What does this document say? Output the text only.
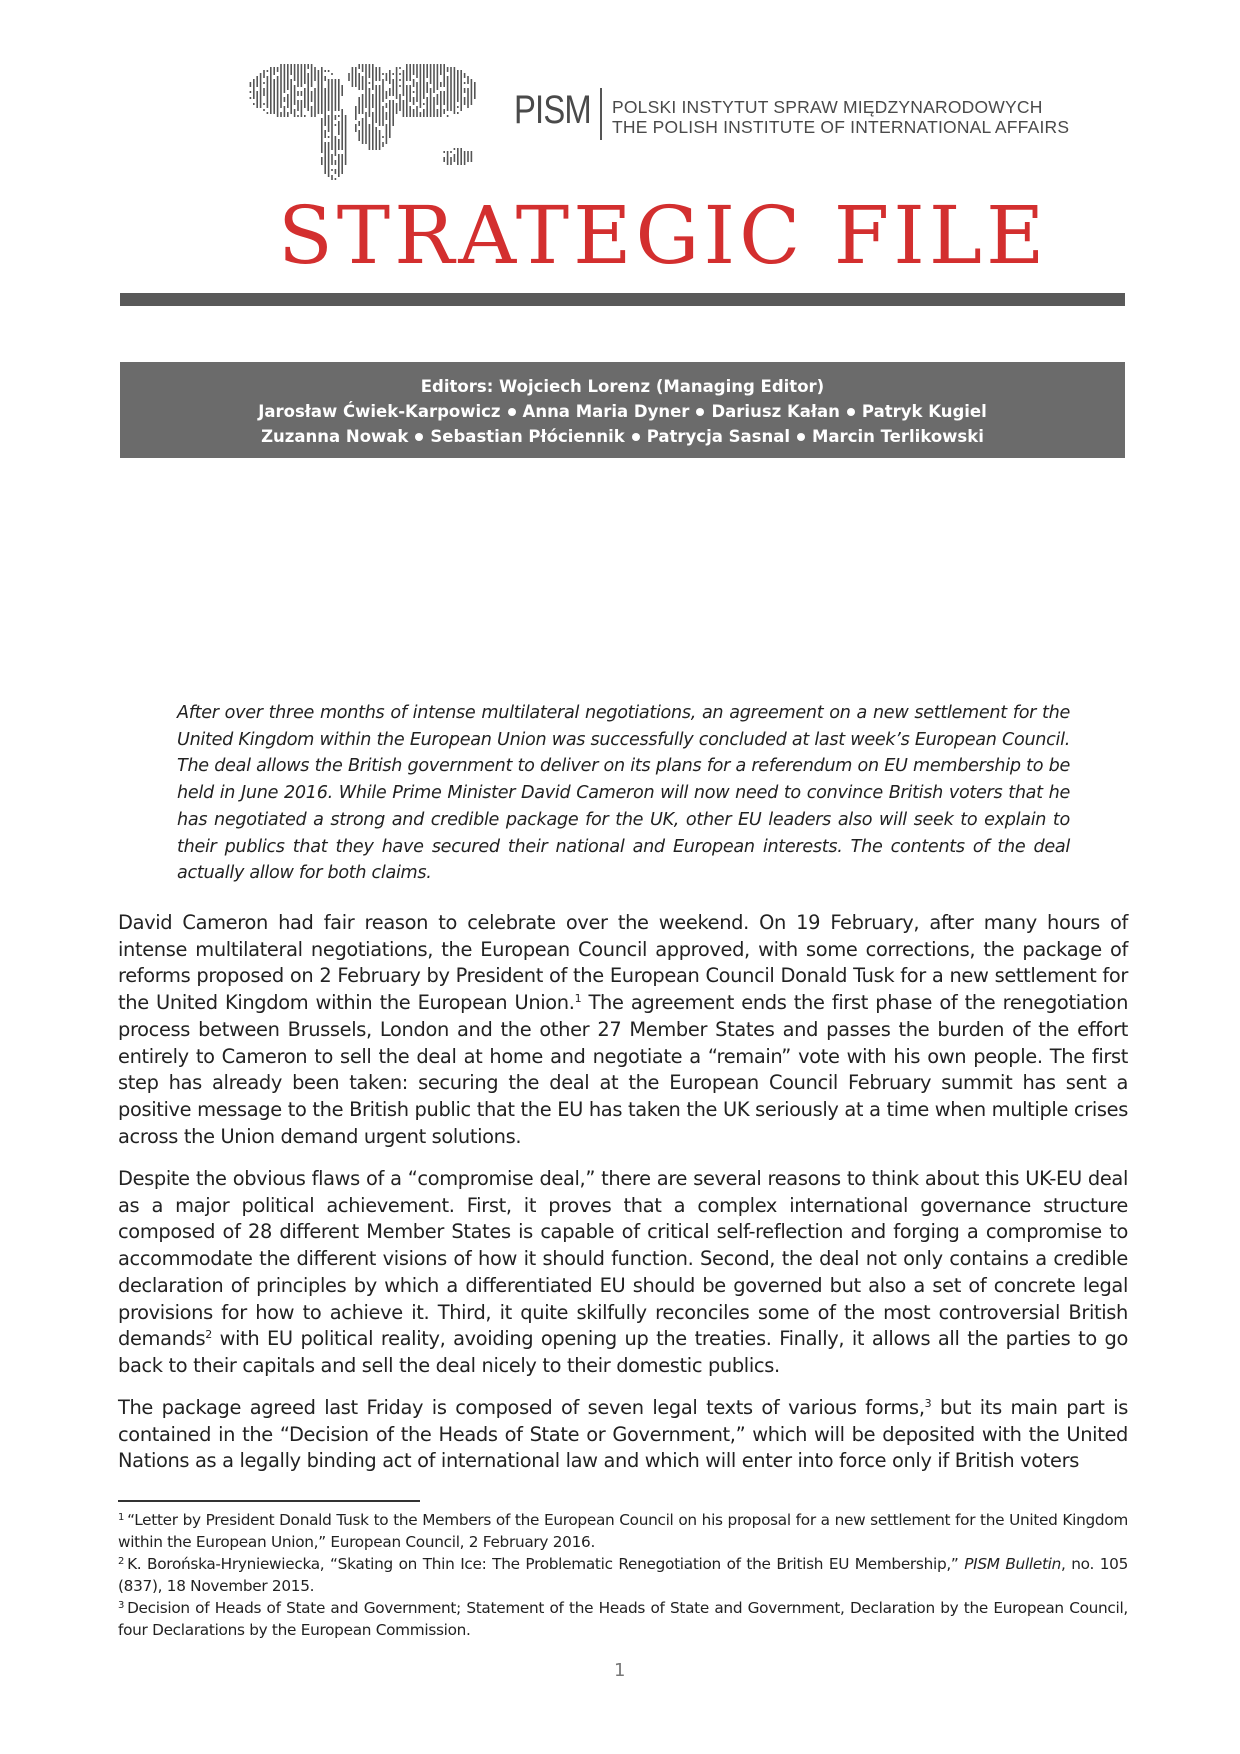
PISM POLSKI INSTYTUT SPRAW MIĘDZYNARODOWYCH
THE POLISH INSTITUTE OF INTERNATIONAL AFFAIRS
STRATEGIC FILE
Editors: Wojciech Lorenz (Managing Editor)
Jarosław Ćwiek-Karpowicz Anna Maria Dyner Dariusz Kałan Patryk Kugiel
Zuzanna Nowak Sebastian Płóciennik Patrycja Sasnal Marcin Terlikowski
After over three months of intense multilateral negotiations, an agreement on a new settlement for the United Kingdom within the European Union was successfully concluded at last week’s European Council. The deal allows the British government to deliver on its plans for a referendum on EU membership to be held in June 2016. While Prime Minister David Cameron will now need to convince British voters that he has negotiated a strong and credible package for the UK, other EU leaders also will seek to explain to their publics that they have secured their national and European interests. The contents of the deal actually allow for both claims.

David Cameron had fair reason to celebrate over the weekend. On 19 February, after many hours of intense multilateral negotiations, the European Council approved, with some corrections, the package of reforms proposed on 2 February by President of the European Council Donald Tusk for a new settlement for the United Kingdom within the European Union.$^1$ The agreement ends the first phase of the renegotiation process between Brussels, London and the other 27 Member States and passes the burden of the effort entirely to Cameron to sell the deal at home and negotiate a “remain” vote with his own people. The first step has already been taken: securing the deal at the European Council February summit has sent a positive message to the British public that the EU has taken the UK seriously at a time when multiple crises across the Union demand urgent solutions.

Despite the obvious flaws of a “compromise deal,” there are several reasons to think about this UK-EU deal as a major political achievement. First, it proves that a complex international governance structure composed of 28 different Member States is capable of critical self-reflection and forging a compromise to accommodate the different visions of how it should function. Second, the deal not only contains a credible declaration of principles by which a differentiated EU should be governed but also a set of concrete legal provisions for how to achieve it. Third, it quite skilfully reconciles some of the most controversial British demands$^2$ with EU political reality, avoiding opening up the treaties. Finally, it allows all the parties to go back to their capitals and sell the deal nicely to their domestic publics.

The package agreed last Friday is composed of seven legal texts of various forms,$^3$ but its main part is contained in the “Decision of the Heads of State or Government,” which will be deposited with the United Nations as a legally binding act of international law and which will enter into force only if British voters

$^1$ “Letter by President Donald Tusk to the Members of the European Council on his proposal for a new settlement for the United Kingdom within the European Union,” European Council, 2 February 2016.

$^2$ K. Borońska-Hryniewiecka, “Skating on Thin Ice: The Problematic Renegotiation of the British EU Membership,” PISM Bulletin, no. 105 (837), 18 November 2015.

$^3$ Decision of Heads of State and Government; Statement of the Heads of State and Government, Declaration by the European Council, four Declarations by the European Commission.

1
